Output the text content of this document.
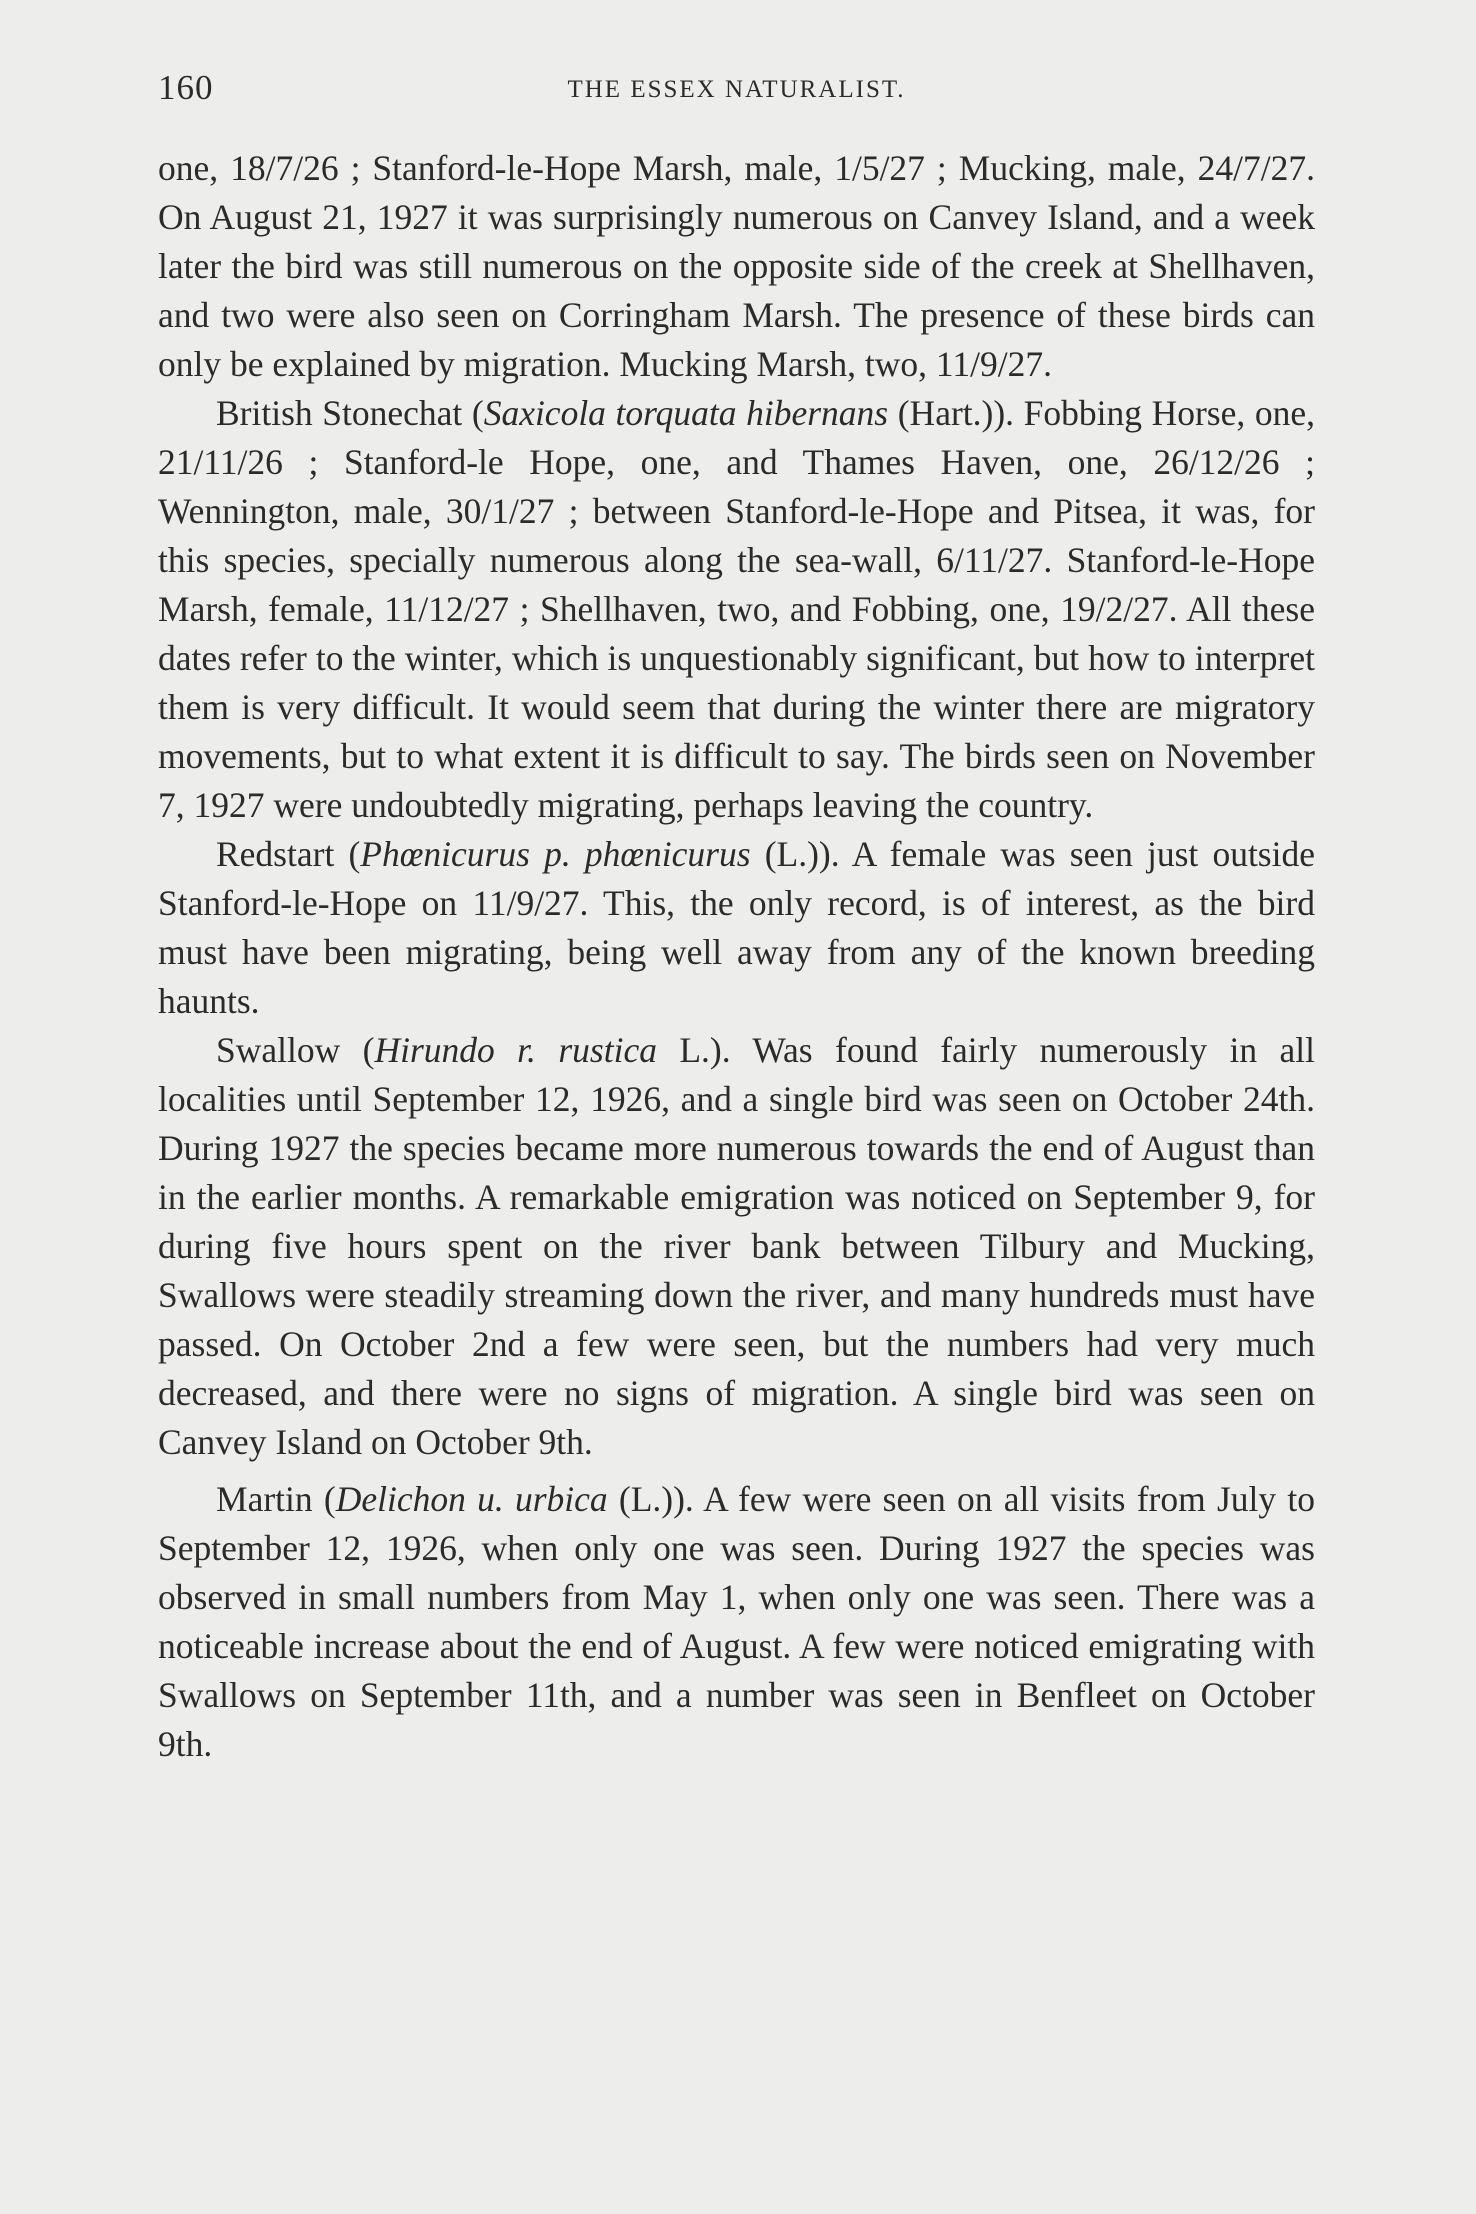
160	THE ESSEX NATURALIST.

one, 18/7/26 ; Stanford-le-Hope Marsh, male, 1/5/27 ; Mucking, male, 24/7/27. On August 21, 1927 it was surprisingly numerous on Canvey Island, and a week later the bird was still numerous on the opposite side of the creek at Shellhaven, and two were also seen on Corringham Marsh. The presence of these birds can only be explained by migration. Mucking Marsh, two, 11/9/27.

British Stonechat (Saxicola torquata hibernans (Hart.)). Fobbing Horse, one, 21/11/26 ; Stanford-le Hope, one, and Thames Haven, one, 26/12/26 ; Wennington, male, 30/1/27 ; between Stanford-le-Hope and Pitsea, it was, for this species, specially numerous along the sea-wall, 6/11/27. Stanford-le-Hope Marsh, female, 11/12/27 ; Shellhaven, two, and Fobbing, one, 19/2/27. All these dates refer to the winter, which is unquestionably significant, but how to interpret them is very difficult. It would seem that during the winter there are migratory movements, but to what extent it is difficult to say. The birds seen on November 7, 1927 were undoubtedly migrating, perhaps leaving the country.

Redstart (Phœnicurus p. phœnicurus (L.)). A female was seen just outside Stanford-le-Hope on 11/9/27. This, the only record, is of interest, as the bird must have been migrating, being well away from any of the known breeding haunts.

Swallow (Hirundo r. rustica L.). Was found fairly numerously in all localities until September 12, 1926, and a single bird was seen on October 24th. During 1927 the species became more numerous towards the end of August than in the earlier months. A remarkable emigration was noticed on September 9, for during five hours spent on the river bank between Tilbury and Mucking, Swallows were steadily streaming down the river, and many hundreds must have passed. On October 2nd a few were seen, but the numbers had very much decreased, and there were no signs of migration. A single bird was seen on Canvey Island on October 9th.

Martin (Delichon u. urbica (L.)). A few were seen on all visits from July to September 12, 1926, when only one was seen. During 1927 the species was observed in small numbers from May 1, when only one was seen. There was a noticeable increase about the end of August. A few were noticed emigrating with Swallows on September 11th, and a number was seen in Benfleet on October 9th.
